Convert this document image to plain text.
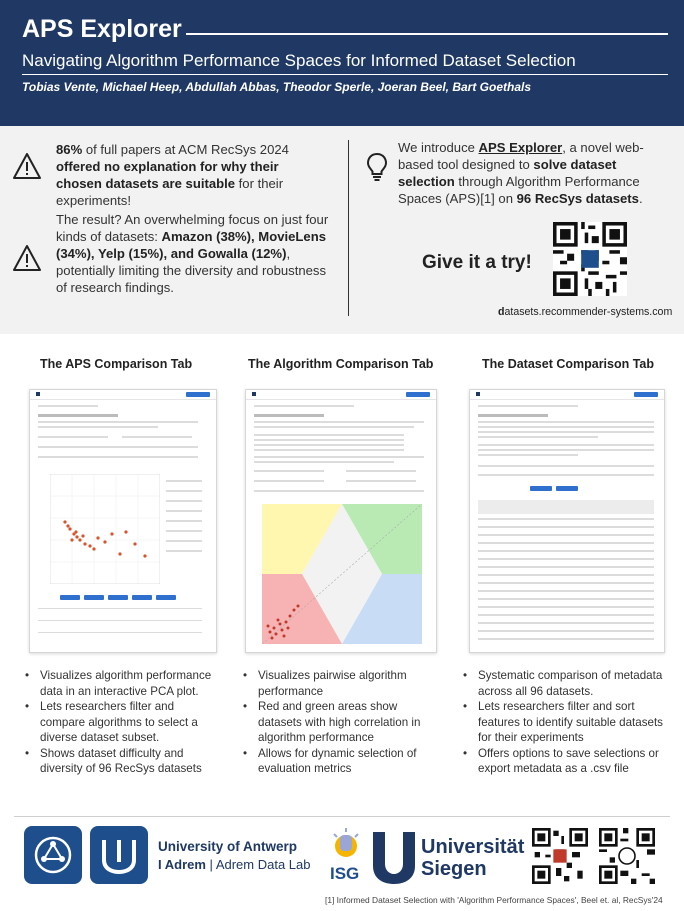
APS Explorer
Navigating Algorithm Performance Spaces for Informed Dataset Selection
Tobias Vente, Michael Heep, Abdullah Abbas, Theodor Sperle, Joeran Beel, Bart Goethals
86% of full papers at ACM RecSys 2024 offered no explanation for why their chosen datasets are suitable for their experiments!
The result? An overwhelming focus on just four kinds of datasets: Amazon (38%), MovieLens (34%), Yelp (15%), and Gowalla (12%), potentially limiting the diversity and robustness of research findings.
We introduce APS Explorer, a novel web-based tool designed to solve dataset selection through Algorithm Performance Spaces (APS)[1] on 96 RecSys datasets.
Give it a try!
datasets.recommender-systems.com
The APS Comparison Tab	The Algorithm Comparison Tab	The Dataset Comparison Tab
• Visualizes algorithm performance data in an interactive PCA plot.
• Lets researchers filter and compare algorithms to select a diverse dataset subset.
• Shows dataset difficulty and diversity of 96 RecSys datasets
• Visualizes pairwise algorithm performance
• Red and green areas show datasets with high correlation in algorithm performance
• Allows for dynamic selection of evaluation metrics
• Systematic comparison of metadata across all 96 datasets.
• Lets researchers filter and sort features to identify suitable datasets for their experiments
• Offers options to save selections or export metadata as a .csv file
University of Antwerp
I Adrem | Adrem Data Lab ISG
Universität
Siegen
[1] Informed Dataset Selection with 'Algorithm Performance Spaces', Beel et. al, RecSys'24
